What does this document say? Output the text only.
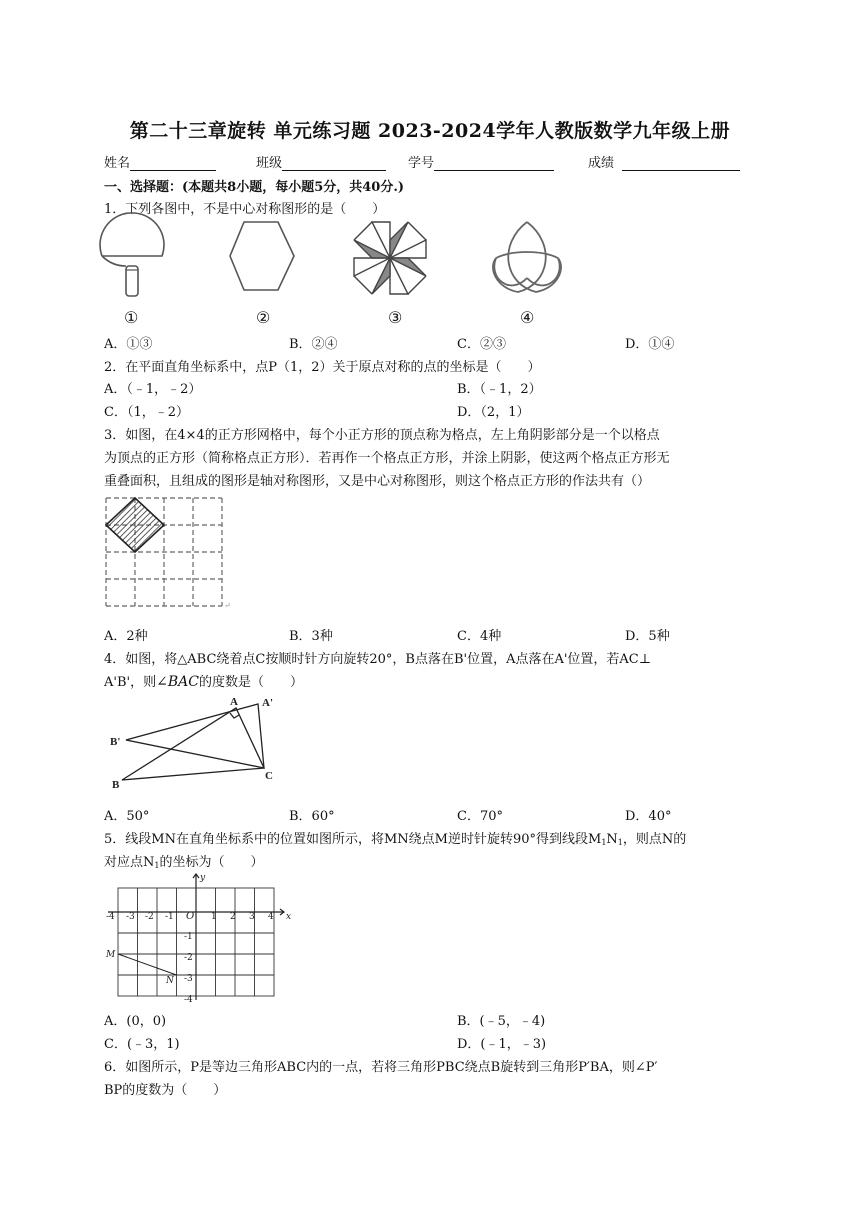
第二十三章旋转 单元练习题 2023-2024学年人教版数学九年级上册
姓名	班级	学号	成绩
一、选择题：(本题共8小题，每小题5分，共40分.)
1．下列各图中，不是中心对称图形的是（　　）
①	②	③	④
A．①③	B．②④	C．②③	D．①④
2．在平面直角坐标系中，点P（1，2）关于原点对称的点的坐标是（　　）
A．（﹣1，﹣2）	B．（﹣1，2）
C．（1，﹣2）	D．（2，1）
3．如图，在4×4的正方形网格中，每个小正方形的顶点称为格点，左上角阴影部分是一个以格点
为顶点的正方形（简称格点正方形）．若再作一个格点正方形，并涂上阴影，使这两个格点正方形无
重叠面积，且组成的图形是轴对称图形，又是中心对称图形，则这个格点正方形的作法共有（）
↵
A．2种	B．3种	C．4种	D．5种
4．如图，将△ABC绕着点C按顺时针方向旋转20°，B点落在B'位置，A点落在A'位置，若AC⊥
A'B'，则∠BAC的度数是（　　）
A A'
B'
B
C
A．50°	B．60°	C．70°	D．40°
5．线段MN在直角坐标系中的位置如图所示，将MN绕点M逆时针旋转90°得到线段$M_1N_1$，则点N的
对应点$N_1$的坐标为（　　）
-4 -3 -2 -1 O 1 2 3 4
-1
-2
-3
-4
x
y
M
N
A．(0，0)	B．(﹣5，﹣4)
C．(﹣3，1)	D．(﹣1，﹣3)
6．如图所示，P是等边三角形ABC内的一点，若将三角形PBC绕点B旋转到三角形P′BA，则∠P′
BP的度数为（　　）
